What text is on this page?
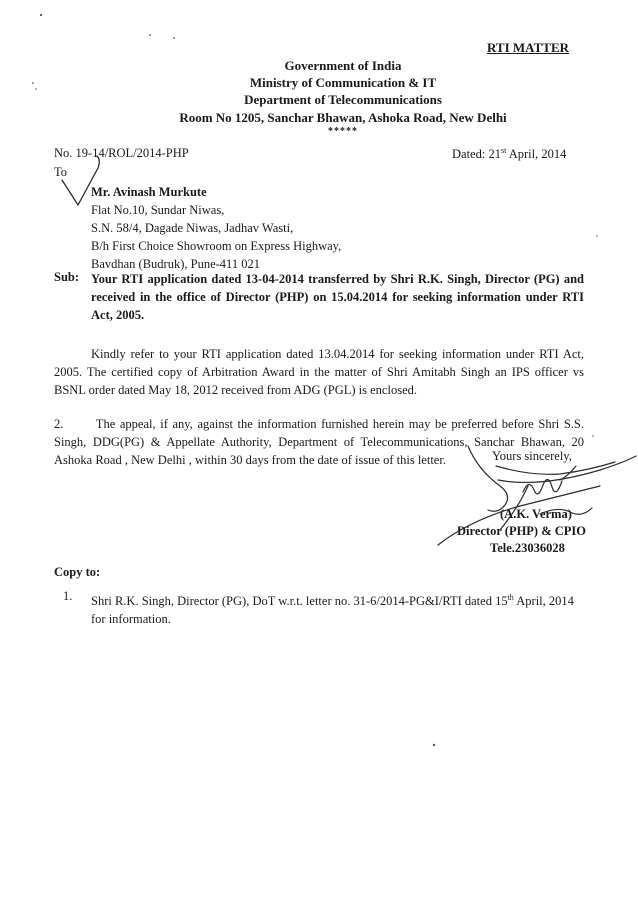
RTI MATTER
Government of India
Ministry of Communication & IT
Department of Telecommunications
Room No 1205, Sanchar Bhawan, Ashoka Road, New Delhi
*****
No. 19-14/ROL/2014-PHP	Dated: 21st April, 2014
To
Mr. Avinash Murkute
Flat No.10, Sundar Niwas,
S.N. 58/4, Dagade Niwas, Jadhav Wasti,
B/h First Choice Showroom on Express Highway,
Bavdhan (Budruk), Pune-411 021
Sub: Your RTI application dated 13-04-2014 transferred by Shri R.K. Singh, Director (PG) and received in the office of Director (PHP) on 15.04.2014 for seeking information under RTI Act, 2005.
Kindly refer to your RTI application dated 13.04.2014 for seeking information under RTI Act, 2005. The certified copy of Arbitration Award in the matter of Shri Amitabh Singh an IPS officer vs BSNL order dated May 18, 2012 received from ADG (PGL) is enclosed.
2.       The appeal, if any, against the information furnished herein may be preferred before Shri S.S. Singh, DDG(PG) & Appellate Authority, Department of Telecommunications, Sanchar Bhawan, 20 Ashoka Road , New Delhi , within 30 days from the date of issue of this letter.	Yours sincerely,
(A.K. Verma)
Director (PHP) & CPIO
Tele.23036028
Copy to:
1. Shri R.K. Singh, Director (PG), DoT w.r.t. letter no. 31-6/2014-PG&I/RTI dated 15th April, 2014 for information.
